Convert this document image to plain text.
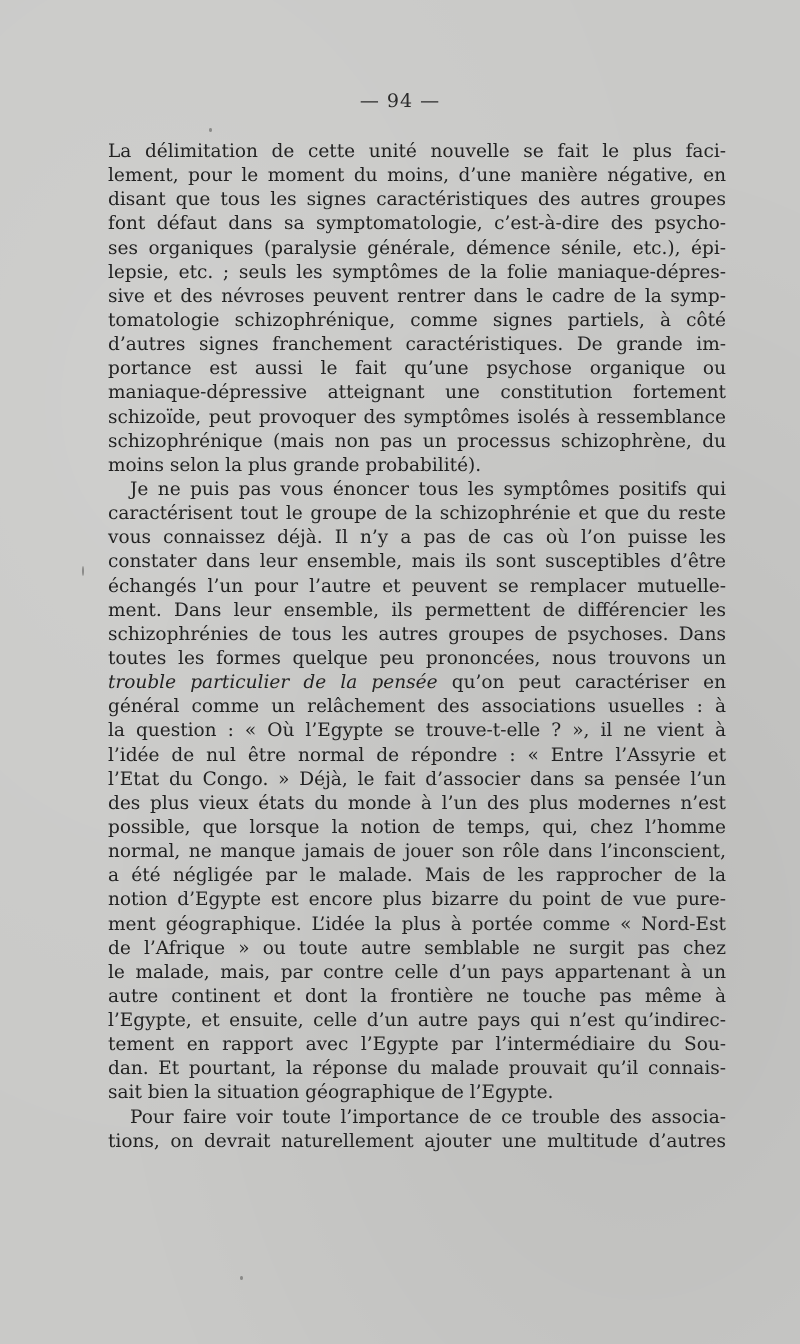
— 94 —
La délimitation de cette unité nouvelle se fait le plus faci-
lement, pour le moment du moins, d’une manière négative, en
disant que tous les signes caractéristiques des autres groupes
font défaut dans sa symptomatologie, c’est-à-dire des psycho-
ses organiques (paralysie générale, démence sénile, etc.), épi-
lepsie, etc. ; seuls les symptômes de la folie maniaque-dépres-
sive et des névroses peuvent rentrer dans le cadre de la symp-
tomatologie schizophrénique, comme signes partiels, à côté
d’autres signes franchement caractéristiques. De grande im-
portance est aussi le fait qu’une psychose organique ou
maniaque-dépressive atteignant une constitution fortement
schizoïde, peut provoquer des symptômes isolés à ressemblance
schizophrénique (mais non pas un processus schizophrène, du
moins selon la plus grande probabilité).
Je ne puis pas vous énoncer tous les symptômes positifs qui
caractérisent tout le groupe de la schizophrénie et que du reste
vous connaissez déjà. Il n’y a pas de cas où l’on puisse les
constater dans leur ensemble, mais ils sont susceptibles d’être
échangés l’un pour l’autre et peuvent se remplacer mutuelle-
ment. Dans leur ensemble, ils permettent de différencier les
schizophrénies de tous les autres groupes de psychoses. Dans
toutes les formes quelque peu prononcées, nous trouvons un
trouble particulier de la pensée qu’on peut caractériser en
général comme un relâchement des associations usuelles : à
la question : « Où l’Egypte se trouve-t-elle ? », il ne vient à
l’idée de nul être normal de répondre : « Entre l’Assyrie et
l’Etat du Congo. » Déjà, le fait d’associer dans sa pensée l’un
des plus vieux états du monde à l’un des plus modernes n’est
possible, que lorsque la notion de temps, qui, chez l’homme
normal, ne manque jamais de jouer son rôle dans l’inconscient,
a été négligée par le malade. Mais de les rapprocher de la
notion d’Egypte est encore plus bizarre du point de vue pure-
ment géographique. L’idée la plus à portée comme « Nord-Est
de l’Afrique » ou toute autre semblable ne surgit pas chez
le malade, mais, par contre celle d’un pays appartenant à un
autre continent et dont la frontière ne touche pas même à
l’Egypte, et ensuite, celle d’un autre pays qui n’est qu’indirec-
tement en rapport avec l’Egypte par l’intermédiaire du Sou-
dan. Et pourtant, la réponse du malade prouvait qu’il connais-
sait bien la situation géographique de l’Egypte.
Pour faire voir toute l’importance de ce trouble des associa-
tions, on devrait naturellement ajouter une multitude d’autres
